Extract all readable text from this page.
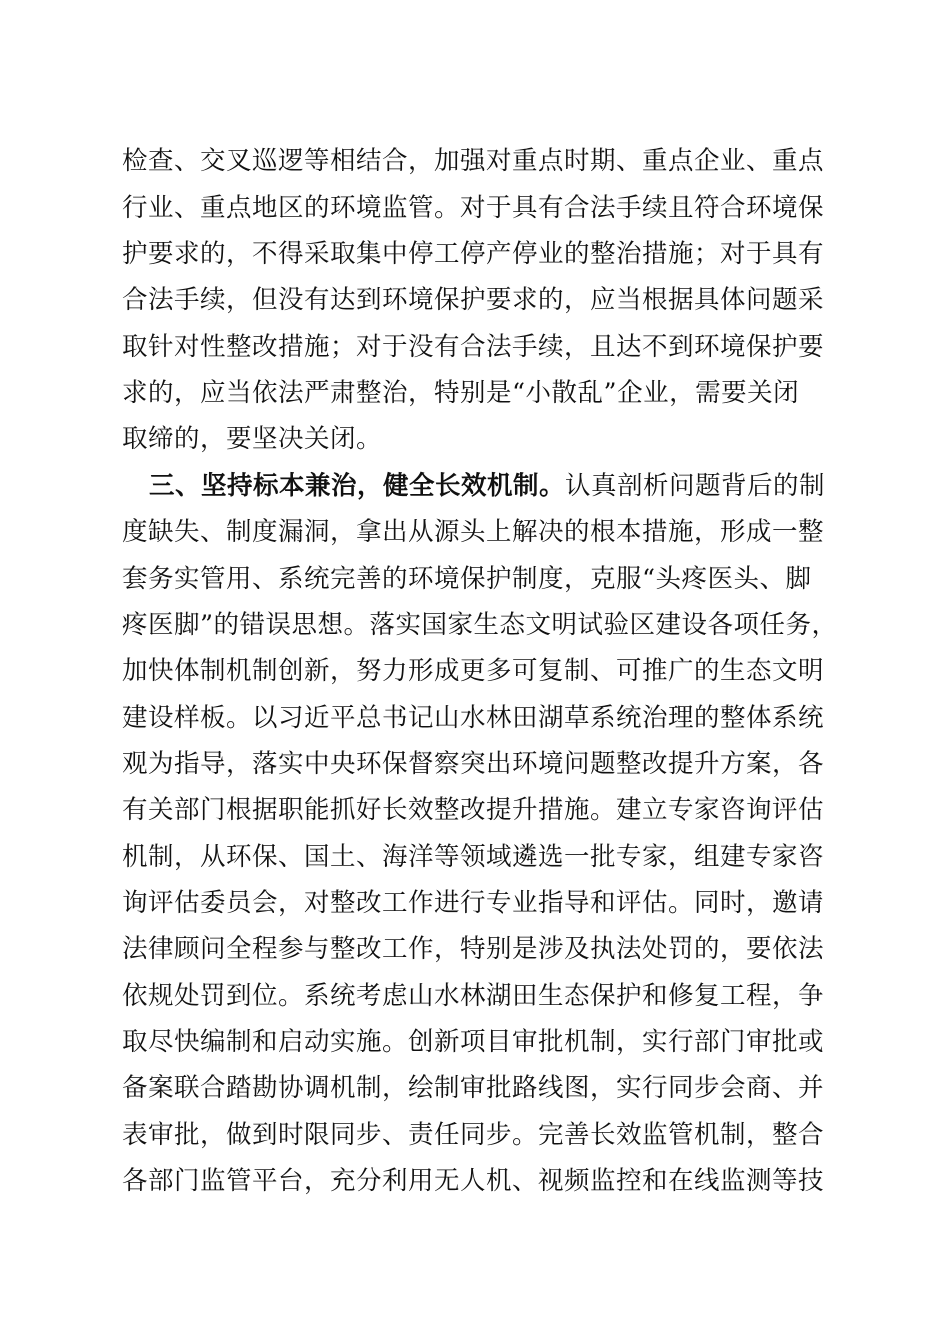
检查、交叉巡逻等相结合，加强对重点时期、重点企业、重点
行业、重点地区的环境监管。对于具有合法手续且符合环境保
护要求的，不得采取集中停工停产停业的整治措施；对于具有
合法手续，但没有达到环境保护要求的，应当根据具体问题采
取针对性整改措施；对于没有合法手续，且达不到环境保护要
求的，应当依法严肃整治，特别是“小散乱”企业，需要关闭
取缔的，要坚决关闭。
三、坚持标本兼治，健全长效机制。认真剖析问题背后的制
度缺失、制度漏洞，拿出从源头上解决的根本措施，形成一整
套务实管用、系统完善的环境保护制度，克服“头疼医头、脚
疼医脚”的错误思想。落实国家生态文明试验区建设各项任务，
加快体制机制创新，努力形成更多可复制、可推广的生态文明
建设样板。以习近平总书记山水林田湖草系统治理的整体系统
观为指导，落实中央环保督察突出环境问题整改提升方案，各
有关部门根据职能抓好长效整改提升措施。建立专家咨询评估
机制，从环保、国土、海洋等领域遴选一批专家，组建专家咨
询评估委员会，对整改工作进行专业指导和评估。同时，邀请
法律顾问全程参与整改工作，特别是涉及执法处罚的，要依法
依规处罚到位。系统考虑山水林湖田生态保护和修复工程，争
取尽快编制和启动实施。创新项目审批机制，实行部门审批或
备案联合踏勘协调机制，绘制审批路线图，实行同步会商、并
表审批，做到时限同步、责任同步。完善长效监管机制，整合
各部门监管平台，充分利用无人机、视频监控和在线监测等技
